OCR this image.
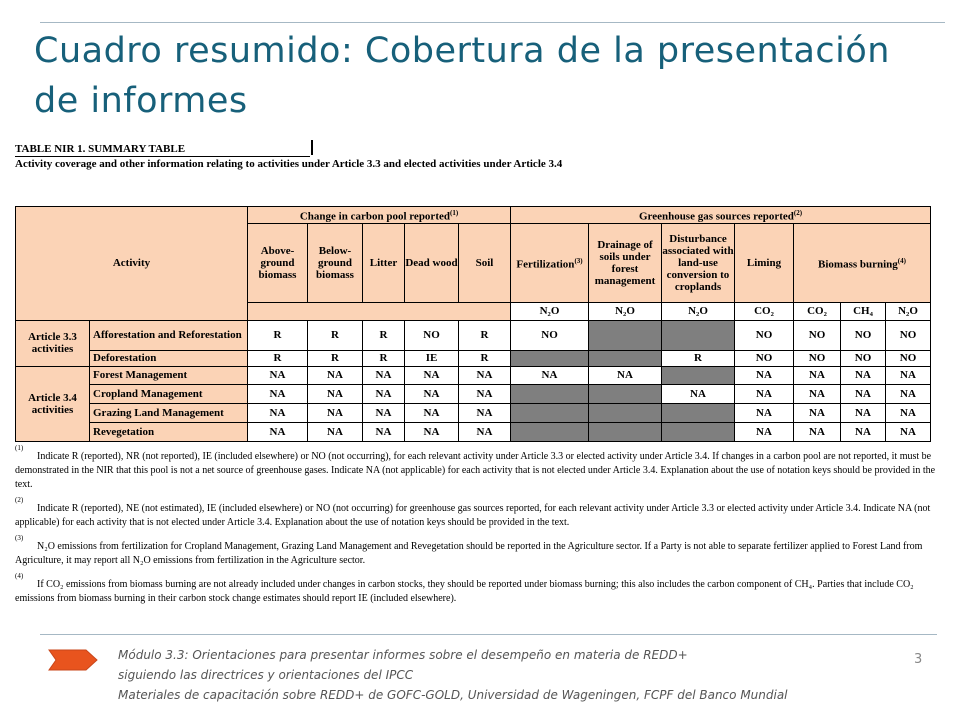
Cuadro resumido: Cobertura de la presentación de informes
TABLE NIR 1. SUMMARY TABLE
Activity coverage and other information relating to activities under Article 3.3 and elected activities under Article 3.4
Activity		Change in carbon pool reported$^{(1)}$					Greenhouse gas sources reported$^{(2)}$
		Above-ground biomass	Below-ground biomass	Litter	Dead wood	Soil	Fertilization$^{(3)}$	Drainage of soils under forest management	Disturbance associated with land-use conversion to croplands	Liming	Biomass burning$^{(4)}$
							N₂O	N₂O	N₂O	CO₂	CO₂	CH₄	N₂O
Article 3.3 activities	Afforestation and Reforestation	R	R	R	NO	R	NO			NO	NO	NO	NO
	Deforestation	R	R	R	IE	R			R	NO	NO	NO	NO
Article 3.4 activities	Forest Management	NA	NA	NA	NA	NA	NA	NA		NA	NA	NA	NA
	Cropland Management	NA	NA	NA	NA	NA			NA	NA	NA	NA	NA
	Grazing Land Management	NA	NA	NA	NA	NA				NA	NA	NA	NA
	Revegetation	NA	NA	NA	NA	NA				NA	NA	NA	NA
(1)
Indicate R (reported), NR (not reported), IE (included elsewhere) or NO (not occurring), for each relevant activity under Article 3.3 or elected activity under Article 3.4. If changes in a carbon pool are not reported, it must be demonstrated in the NIR that this pool is not a net source of greenhouse gases. Indicate NA (not applicable) for each activity that is not elected under Article 3.4. Explanation about the use of notation keys should be provided in the text.
(2)
Indicate R (reported), NE (not estimated), IE (included elsewhere) or NO (not occurring) for greenhouse gas sources reported, for each relevant activity under Article 3.3 or elected activity under Article 3.4. Indicate NA (not applicable) for each activity that is not elected under Article 3.4. Explanation about the use of notation keys should be provided in the text.
(3)
N₂O emissions from fertilization for Cropland Management, Grazing Land Management and Revegetation should be reported in the Agriculture sector. If a Party is not able to separate fertilizer applied to Forest Land from Agriculture, it may report all N₂O emissions from fertilization in the Agriculture sector.
(4)
If CO₂ emissions from biomass burning are not already included under changes in carbon stocks, they should be reported under biomass burning; this also includes the carbon component of CH₄. Parties that include CO₂ emissions from biomass burning in their carbon stock change estimates should report IE (included elsewhere).
Módulo 3.3: Orientaciones para presentar informes sobre el desempeño en materia de REDD+
siguiendo las directrices y orientaciones del IPCC
Materiales de capacitación sobre REDD+ de GOFC-GOLD, Universidad de Wageningen, FCPF del Banco Mundial
3
